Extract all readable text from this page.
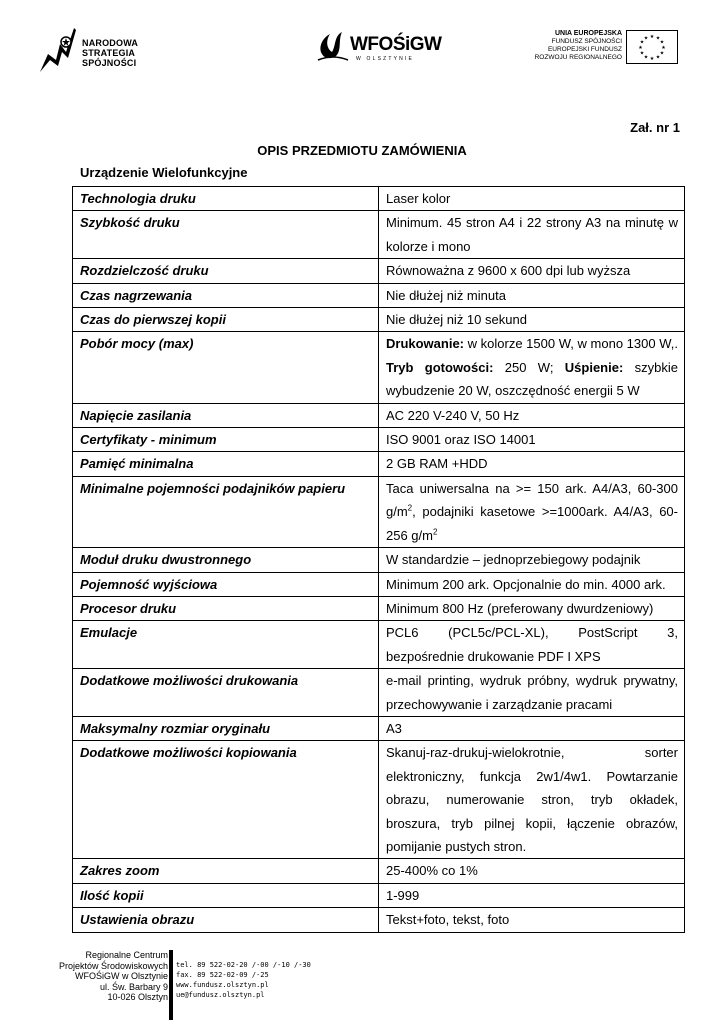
NARODOWA
STRATEGIA SPÓJNOŚCI
WFOŚiGW
W OLSZTYNIE
UNIA EUROPEJSKA
FUNDUSZ SPÓJNOŚCI
EUROPEJSKI FUNDUSZ
ROZWOJU REGIONALNEGO
★ ★
★
★
★
★
★
★
★
★
★
★
Zał. nr 1
OPIS PRZEDMIOTU ZAMÓWIENIA
Urządzenie Wielofunkcyjne
Technologia druku	Laser kolor
Szybkość druku	Minimum. 45 stron A4 i 22 strony A3 na minutę w kolorze i mono
Rozdzielczość druku	Równoważna z 9600 x 600 dpi lub wyższa
Czas nagrzewania	Nie dłużej niż minuta
Czas do pierwszej kopii	Nie dłużej niż 10 sekund
Pobór mocy (max)	Drukowanie: w kolorze 1500 W, w mono 1300 W,. Tryb gotowości: 250 W; Uśpienie: szybkie wybudzenie 20 W, oszczędność energii 5 W
Napięcie zasilania	AC 220 V-240 V, 50 Hz
Certyfikaty - minimum	ISO 9001 oraz ISO 14001
Pamięć minimalna	2 GB RAM +HDD
Minimalne pojemności podajników papieru	Taca uniwersalna na >= 150 ark. A4/A3, 60-300 $g/m^2$, podajniki kasetowe >=1000ark. A4/A3, 60-256 $g/m^2$
Moduł druku dwustronnego	W standardzie – jednoprzebiegowy podajnik
Pojemność wyjściowa	Minimum 200 ark. Opcjonalnie do min. 4000 ark.
Procesor druku	Minimum 800 Hz (preferowany dwurdzeniowy)
Emulacje	PCL6 (PCL5c/PCL-XL), PostScript 3,
bezpośrednie drukowanie PDF I XPS

Dodatkowe możliwości drukowania	e-mail printing, wydruk próbny, wydruk prywatny, przechowywanie i zarządzanie pracami
Maksymalny rozmiar oryginału	A3
Dodatkowe możliwości kopiowania	Skanuj-raz-drukuj-wielokrotnie, sorter
elektroniczny, funkcja 2w1/4w1. Powtarzanie obrazu, numerowanie stron, tryb okładek, broszura, tryb pilnej kopii, łączenie obrazów, pomijanie pustych stron.

Zakres zoom	25-400% co 1%
Ilość kopii	1-999
Ustawienia obrazu	Tekst+foto, tekst, foto
Regionalne Centrum
Projektów Środowiskowych
WFOŚiGW w Olsztynie
ul. Św. Barbary 9
10-026 Olsztyn
tel. 89 522-02-20 /-00 /-10 /-30
fax. 89 522-02-09 /-25
www.fundusz.olsztyn.pl
ue@fundusz.olsztyn.pl
